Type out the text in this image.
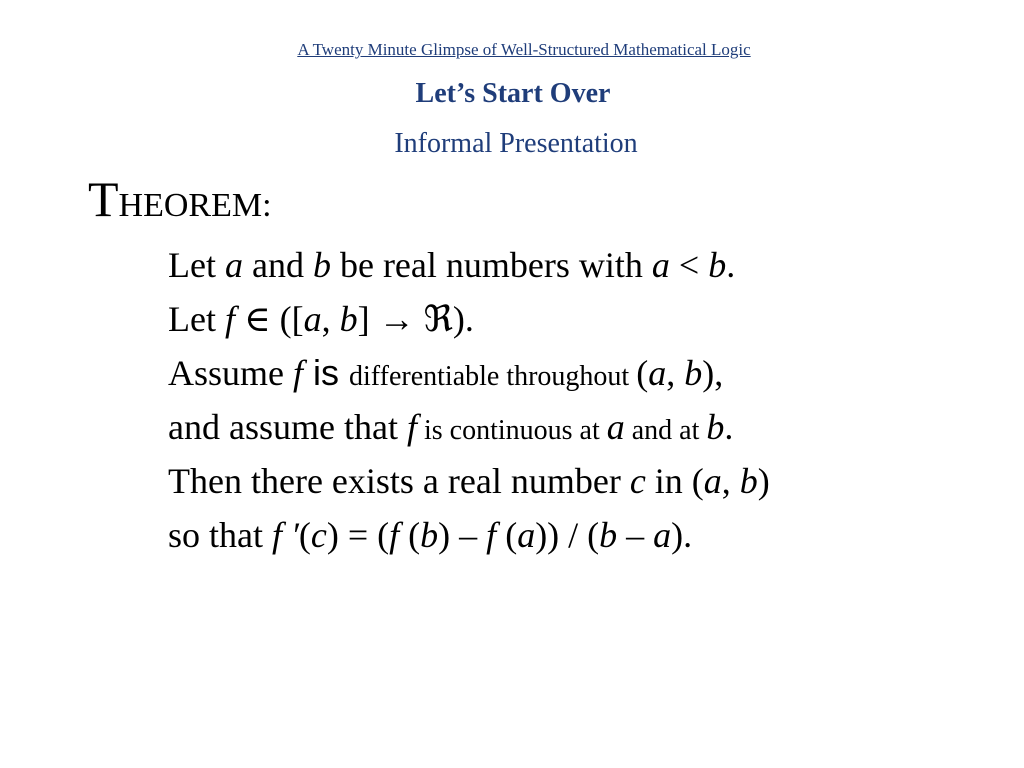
A Twenty Minute Glimpse of Well-Structured Mathematical Logic
Let’s Start Over
Informal Presentation
THEOREM:
Let a and b be real numbers with a < b.
Let f ∈ ([a, b] → ℜ).
Assume f is differentiable throughout (a, b),
and assume that f is continuous at a and at b.
Then there exists a real number c in (a, b)
so that f ′(c) = (f (b) – f (a)) / (b – a).
